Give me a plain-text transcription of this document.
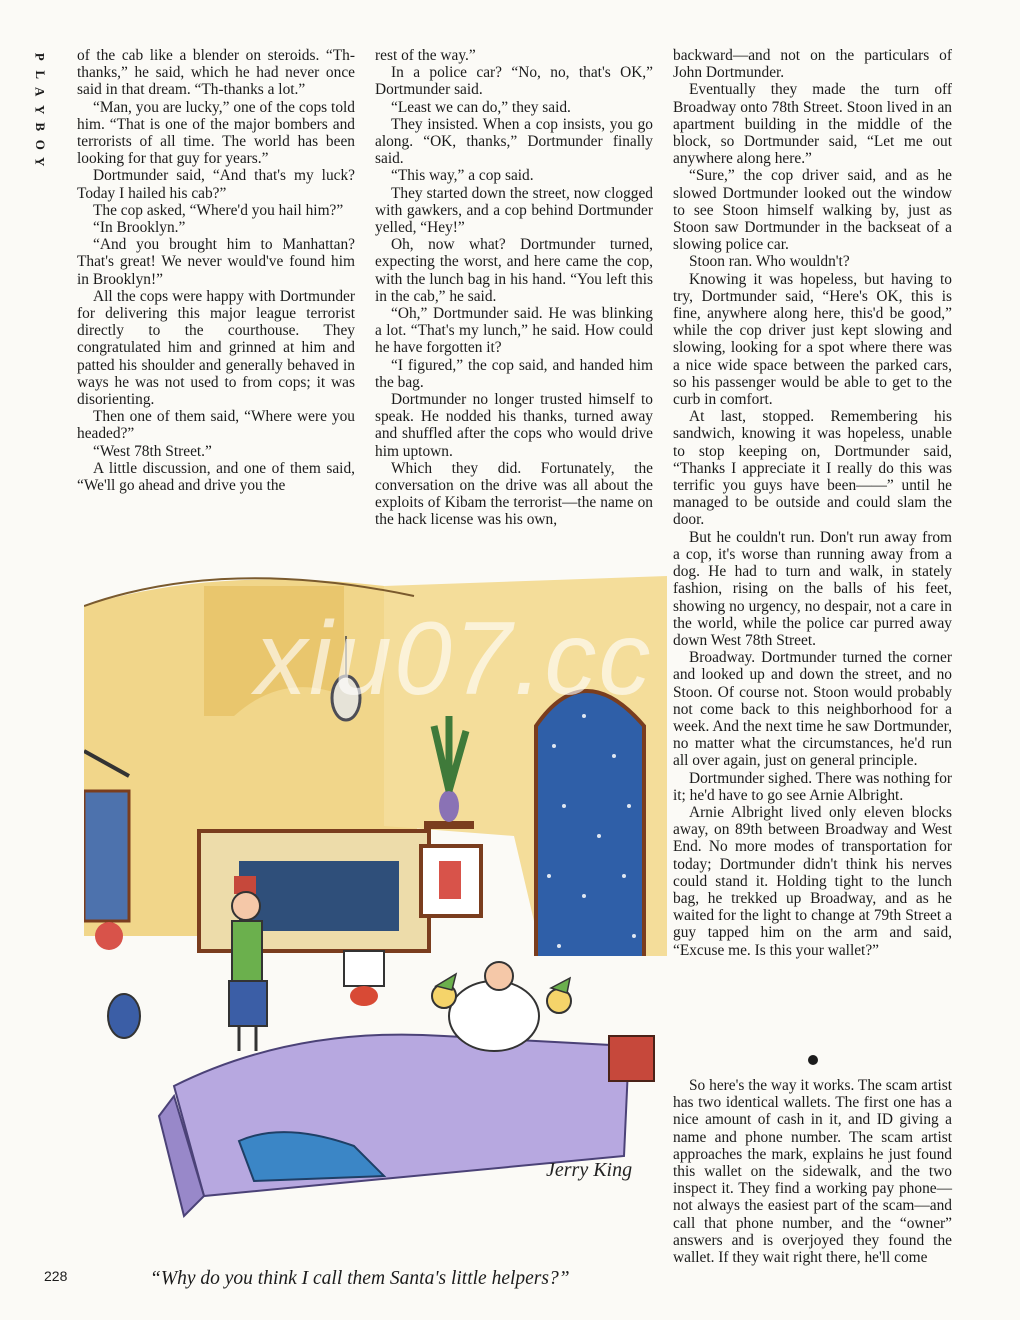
P
L
A
Y
B
O
Y

of the cab like a blender on steroids. “Th-thanks,” he said, which he had never once said in that dream. “Th-thanks a lot.”

“Man, you are lucky,” one of the cops told him. “That is one of the major bombers and terrorists of all time. The world has been looking for that guy for years.”

Dortmunder said, “And that's my luck? Today I hailed his cab?”

The cop asked, “Where'd you hail him?”

“In Brooklyn.”

“And you brought him to Manhattan? That's great! We never would've found him in Brooklyn!”

All the cops were happy with Dortmunder for delivering this major league terrorist directly to the courthouse. They congratulated him and grinned at him and patted his shoulder and generally behaved in ways he was not used to from cops; it was disorienting.

Then one of them said, “Where were you headed?”

“West 78th Street.”

A little discussion, and one of them said, “We'll go ahead and drive you the

rest of the way.”

In a police car? “No, no, that's OK,” Dortmunder said.

“Least we can do,” they said.

They insisted. When a cop insists, you go along. “OK, thanks,” Dortmunder finally said.

“This way,” a cop said.

They started down the street, now clogged with gawkers, and a cop behind Dortmunder yelled, “Hey!”

Oh, now what? Dortmunder turned, expecting the worst, and here came the cop, with the lunch bag in his hand. “You left this in the cab,” he said.

“Oh,” Dortmunder said. He was blinking a lot. “That's my lunch,” he said. How could he have forgotten it?

“I figured,” the cop said, and handed him the bag.

Dortmunder no longer trusted himself to speak. He nodded his thanks, turned away and shuffled after the cops who would drive him uptown.

Which they did. Fortunately, the conversation on the drive was all about the exploits of Kibam the terrorist—the name on the hack license was his own,

backward—and not on the particulars of John Dortmunder.

Eventually they made the turn off Broadway onto 78th Street. Stoon lived in an apartment building in the middle of the block, so Dortmunder said, “Let me out anywhere along here.”

“Sure,” the cop driver said, and as he slowed Dortmunder looked out the window to see Stoon himself walking by, just as Stoon saw Dortmunder in the backseat of a slowing police car.

Stoon ran. Who wouldn't?

Knowing it was hopeless, but having to try, Dortmunder said, “Here's OK, this is fine, anywhere along here, this'd be good,” while the cop driver just kept slowing and slowing, looking for a spot where there was a nice wide space between the parked cars, so his passenger would be able to get to the curb in comfort.

At last, stopped. Remembering his sandwich, knowing it was hopeless, unable to stop keeping on, Dortmunder said, “Thanks I appreciate it I really do this was terrific you guys have been——” until he managed to be outside and could slam the door.

But he couldn't run. Don't run away from a cop, it's worse than running away from a dog. He had to turn and walk, in stately fashion, rising on the balls of his feet, showing no urgency, no despair, not a care in the world, while the police car purred away down West 78th Street.

Broadway. Dortmunder turned the corner and looked up and down the street, and no Stoon. Of course not. Stoon would probably not come back to this neighborhood for a week. And the next time he saw Dortmunder, no matter what the circumstances, he'd run all over again, just on general principle.

Dortmunder sighed. There was nothing for it; he'd have to go see Arnie Albright.

Arnie Albright lived only eleven blocks away, on 89th between Broadway and West End. No more modes of transportation for today; Dortmunder didn't think his nerves could stand it. Holding tight to the lunch bag, he trekked up Broadway, and as he waited for the light to change at 79th Street a guy tapped him on the arm and said, “Excuse me. Is this your wallet?”

So here's the way it works. The scam artist has two identical wallets. The first one has a nice amount of cash in it, and ID giving a name and phone number. The scam artist approaches the mark, explains he just found this wallet on the sidewalk, and the two inspect it. They find a working pay phone—not always the easiest part of the scam—and call that phone number, and the “owner” answers and is overjoyed they found the wallet. If they wait right there, he'll come

Jerry King
xiu07.cc
228	“Why do you think I call them Santa's little helpers?”
